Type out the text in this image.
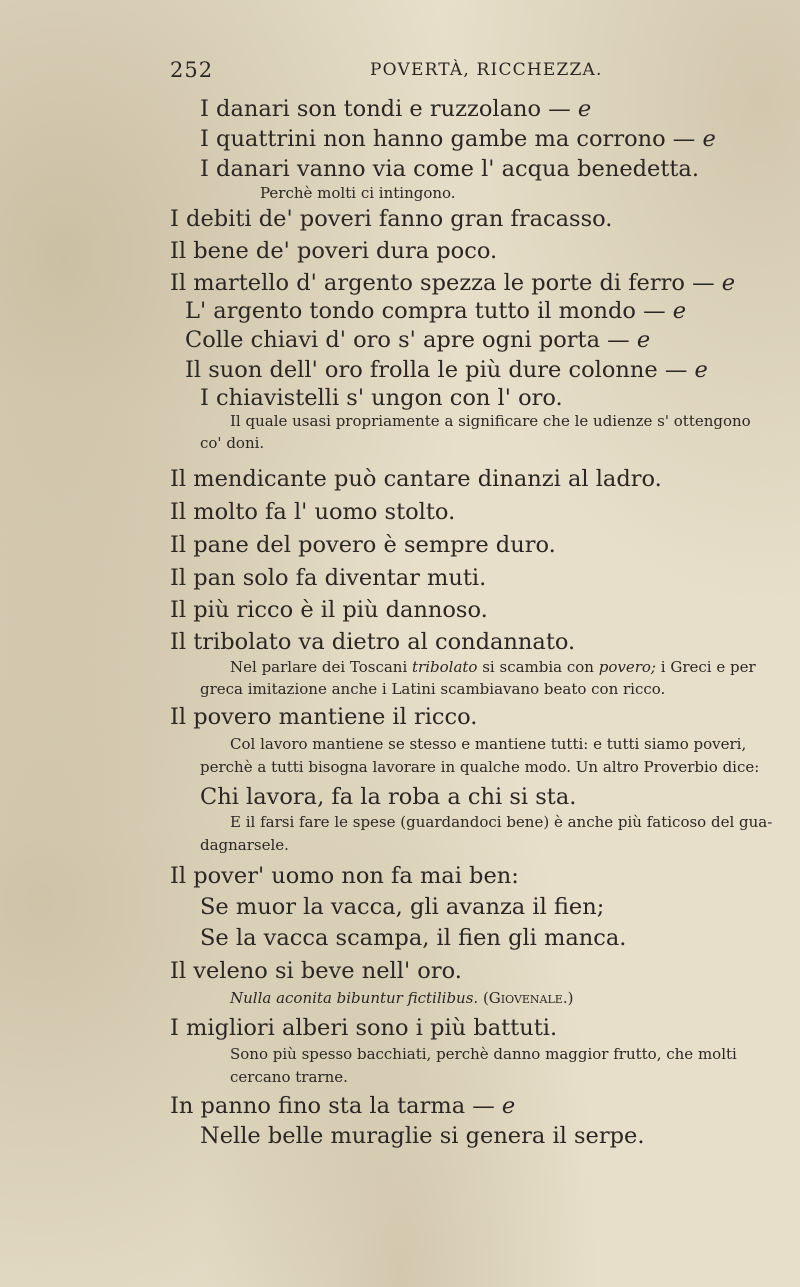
252	POVERTÀ, RICCHEZZA.
I danari son tondi e ruzzolano — e
I quattrini non hanno gambe ma corrono — e
I danari vanno via come l' acqua benedetta.
Perchè molti ci intingono.
I debiti de' poveri fanno gran fracasso.
Il bene de' poveri dura poco.
Il martello d' argento spezza le porte di ferro — e
L' argento tondo compra tutto il mondo — e
Colle chiavi d' oro s' apre ogni porta — e
Il suon dell' oro frolla le più dure colonne — e
I chiavistelli s' ungon con l' oro.
Il quale usasi propriamente a significare che le udienze s' ottengono
co' doni.
Il mendicante può cantare dinanzi al ladro.
Il molto fa l' uomo stolto.
Il pane del povero è sempre duro.
Il pan solo fa diventar muti.
Il più ricco è il più dannoso.
Il tribolato va dietro al condannato.
Nel parlare dei Toscani tribolato si scambia con povero; i Greci e per
greca imitazione anche i Latini scambiavano beato con ricco.
Il povero mantiene il ricco.
Col lavoro mantiene se stesso e mantiene tutti: e tutti siamo poveri,
perchè a tutti bisogna lavorare in qualche modo. Un altro Proverbio dice:
Chi lavora, fa la roba a chi si sta.
E il farsi fare le spese (guardandoci bene) è anche più faticoso del gua-
dagnarsele.
Il pover' uomo non fa mai ben:
Se muor la vacca, gli avanza il fien;
Se la vacca scampa, il fien gli manca.
Il veleno si beve nell' oro.
Nulla aconita bibuntur fictilibus. (Giovenale.)
I migliori alberi sono i più battuti.
Sono più spesso bacchiati, perchè danno maggior frutto, che molti
cercano trarne.
In panno fino sta la tarma — e
Nelle belle muraglie si genera il serpe.
